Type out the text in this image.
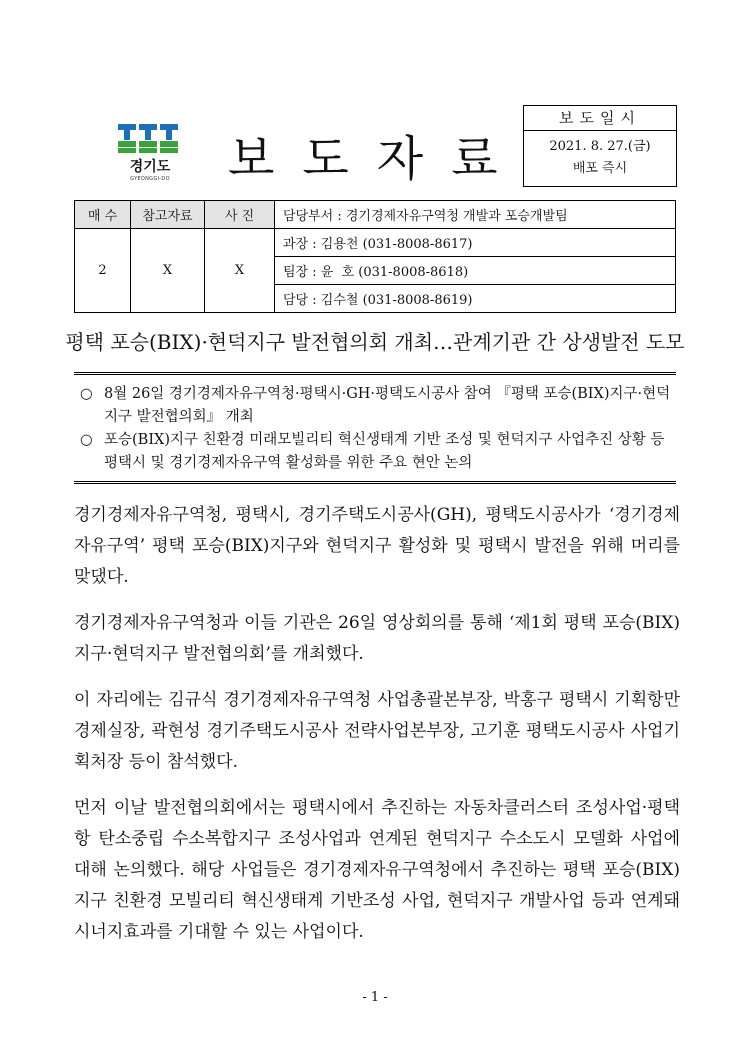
경기도
GYEONGGI-DO 보도자료
보도일시
2021. 8. 27.(금)
배포 즉시
매 수	참고자료	사 진	담당부서 : 경기경제자유구역청 개발과 포승개발팀
2	X	X	과장 : 김용천 (031-8008-8617)
			팀장 : 윤  호 (031-8008-8618)
			담당 : 김수철 (031-8008-8619)
평택 포승(BIX)·현덕지구 발전협의회 개최…관계기관 간 상생발전 도모
○ 8월 26일 경기경제자유구역청·평택시·GH·평택도시공사 참여 『평택 포승(BIX)지구·현덕지구 발전협의회』 개최
○ 포승(BIX)지구 친환경 미래모빌리티 혁신생태계 기반 조성 및 현덕지구 사업추진 상황 등 평택시 및 경기경제자유구역 활성화를 위한 주요 현안 논의

경기경제자유구역청, 평택시, 경기주택도시공사(GH), 평택도시공사가 ‘경기경제자유구역’ 평택 포승(BIX)지구와 현덕지구 활성화 및 평택시 발전을 위해 머리를 맞댔다.

경기경제자유구역청과 이들 기관은 26일 영상회의를 통해 ‘제1회 평택 포승(BIX)지구·현덕지구 발전협의회’를 개최했다.

이 자리에는 김규식 경기경제자유구역청 사업총괄본부장, 박홍구 평택시 기획항만경제실장, 곽현성 경기주택도시공사 전략사업본부장, 고기훈 평택도시공사 사업기획처장 등이 참석했다.

먼저 이날 발전협의회에서는 평택시에서 추진하는 자동차클러스터 조성사업·평택항 탄소중립 수소복합지구 조성사업과 연계된 현덕지구 수소도시 모델화 사업에 대해 논의했다. 해당 사업들은 경기경제자유구역청에서 추진하는 평택 포승(BIX)지구 친환경 모빌리티 혁신생태계 기반조성 사업, 현덕지구 개발사업 등과 연계돼 시너지효과를 기대할 수 있는 사업이다.

- 1 -
